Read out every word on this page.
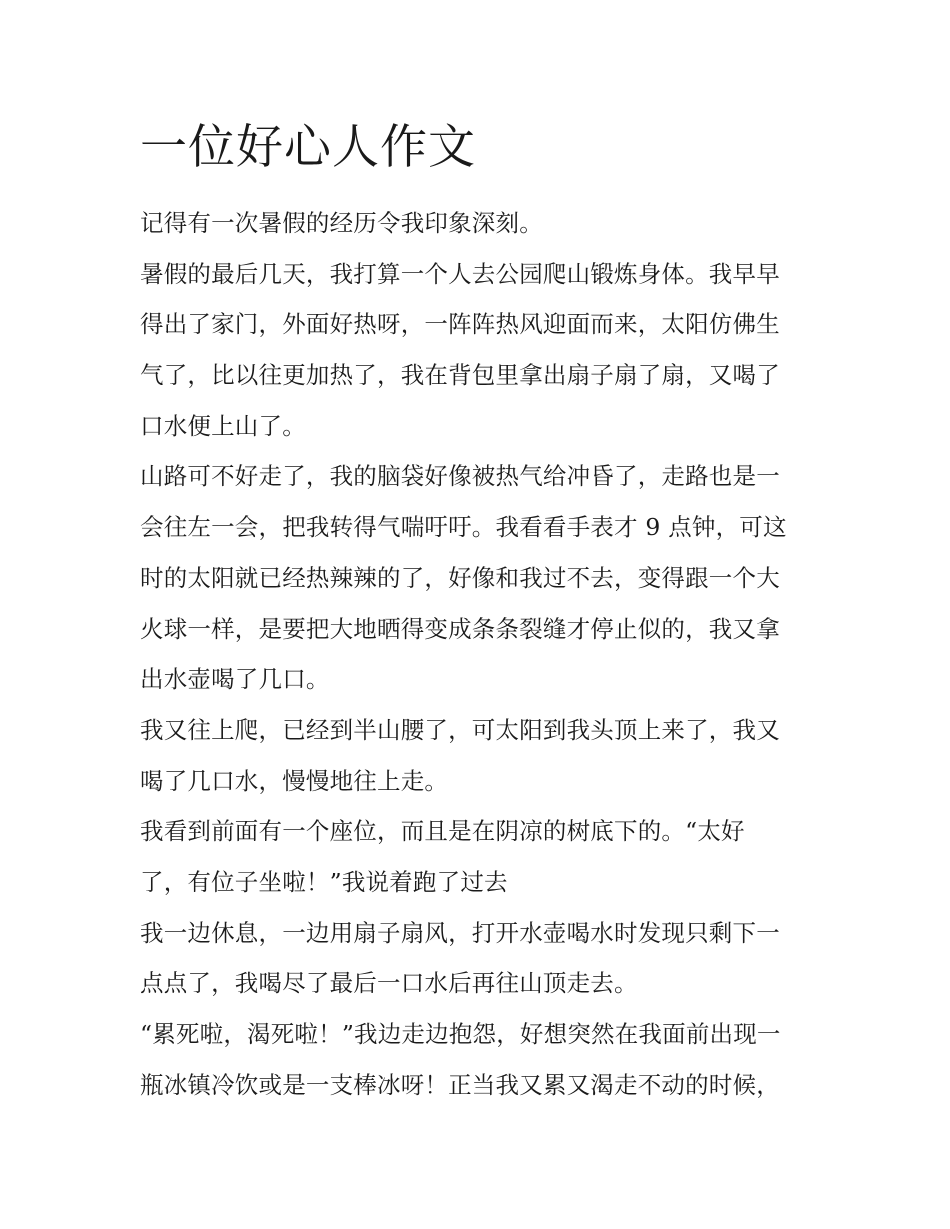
一位好心人作文
记得有一次暑假的经历令我印象深刻。
暑假的最后几天，我打算一个人去公园爬山锻炼身体。我早早
得出了家门，外面好热呀，一阵阵热风迎面而来，太阳仿佛生
气了，比以往更加热了，我在背包里拿出扇子扇了扇，又喝了
口水便上山了。
山路可不好走了，我的脑袋好像被热气给冲昏了，走路也是一
会往左一会，把我转得气喘吁吁。我看看手表才 9 点钟，可这
时的太阳就已经热辣辣的了，好像和我过不去，变得跟一个大
火球一样，是要把大地晒得变成条条裂缝才停止似的，我又拿
出水壶喝了几口。
我又往上爬，已经到半山腰了，可太阳到我头顶上来了，我又
喝了几口水，慢慢地往上走。
我看到前面有一个座位，而且是在阴凉的树底下的。“太好
了，有位子坐啦！”我说着跑了过去
我一边休息，一边用扇子扇风，打开水壶喝水时发现只剩下一
点点了，我喝尽了最后一口水后再往山顶走去。
“累死啦，渴死啦！”我边走边抱怨，好想突然在我面前出现一
瓶冰镇冷饮或是一支棒冰呀！正当我又累又渴走不动的时候，
